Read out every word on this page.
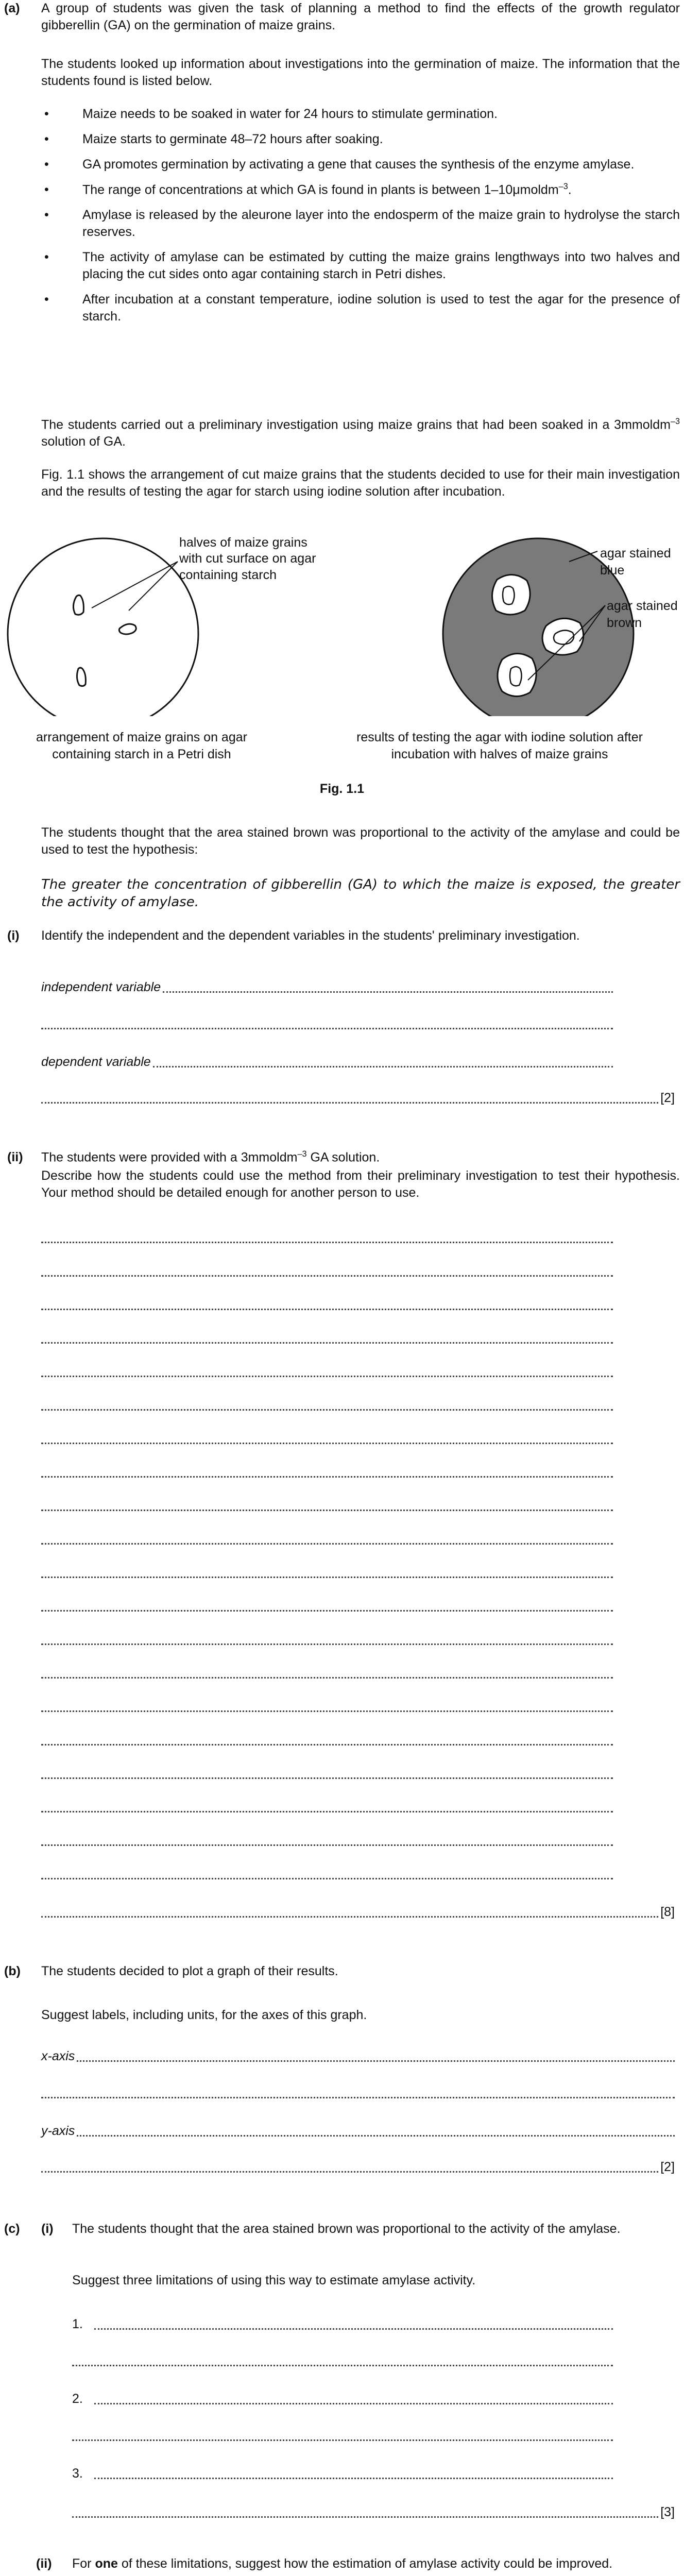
(a) A group of students was given the task of planning a method to find the effects of the growth regulator gibberellin (GA) on the germination of maize grains.

The students looked up information about investigations into the germination of maize. The information that the students found is listed below.

• Maize needs to be soaked in water for 24 hours to stimulate germination.
• Maize starts to germinate 48–72 hours after soaking.
• GA promotes germination by activating a gene that causes the synthesis of the enzyme amylase.
• The range of concentrations at which GA is found in plants is between 1–10μmoldm$^{-3}$.
• Amylase is released by the aleurone layer into the endosperm of the maize grain to hydrolyse the starch reserves.
• The activity of amylase can be estimated by cutting the maize grains lengthways into two halves and placing the cut sides onto agar containing starch in Petri dishes.
• After incubation at a constant temperature, iodine solution is used to test the agar for the presence of starch.

The students carried out a preliminary investigation using maize grains that had been soaked in a 3mmoldm$^{-3}$ solution of GA.

Fig. 1.1 shows the arrangement of cut maize grains that the students decided to use for their main investigation and the results of testing the agar for starch using iodine solution after incubation.

halves of maize grains with cut surface on agar containing starch
agar stained blue
agar stained brown
arrangement of maize grains on agar containing starch in a Petri dish
results of testing the agar with iodine solution after incubation with halves of maize grains
Fig. 1.1

The students thought that the area stained brown was proportional to the activity of the amylase and could be used to test the hypothesis:

The greater the concentration of gibberellin (GA) to which the maize is exposed, the greater the activity of amylase.

(i) Identify the independent and the dependent variables in the students' preliminary investigation.

independent variable
dependent variable
[2]
(ii) The students were provided with a 3mmoldm$^{-3}$ GA solution.

Describe how the students could use the method from their preliminary investigation to test their hypothesis. Your method should be detailed enough for another person to use.

[8]
(b) The students decided to plot a graph of their results.

Suggest labels, including units, for the axes of this graph.

x-axis
y-axis
[2]
(c) (i) The students thought that the area stained brown was proportional to the activity of the amylase.

Suggest three limitations of using this way to estimate amylase activity.

1.
2.
3.
[3]
(ii) For one of these limitations, suggest how the estimation of amylase activity could be improved.
